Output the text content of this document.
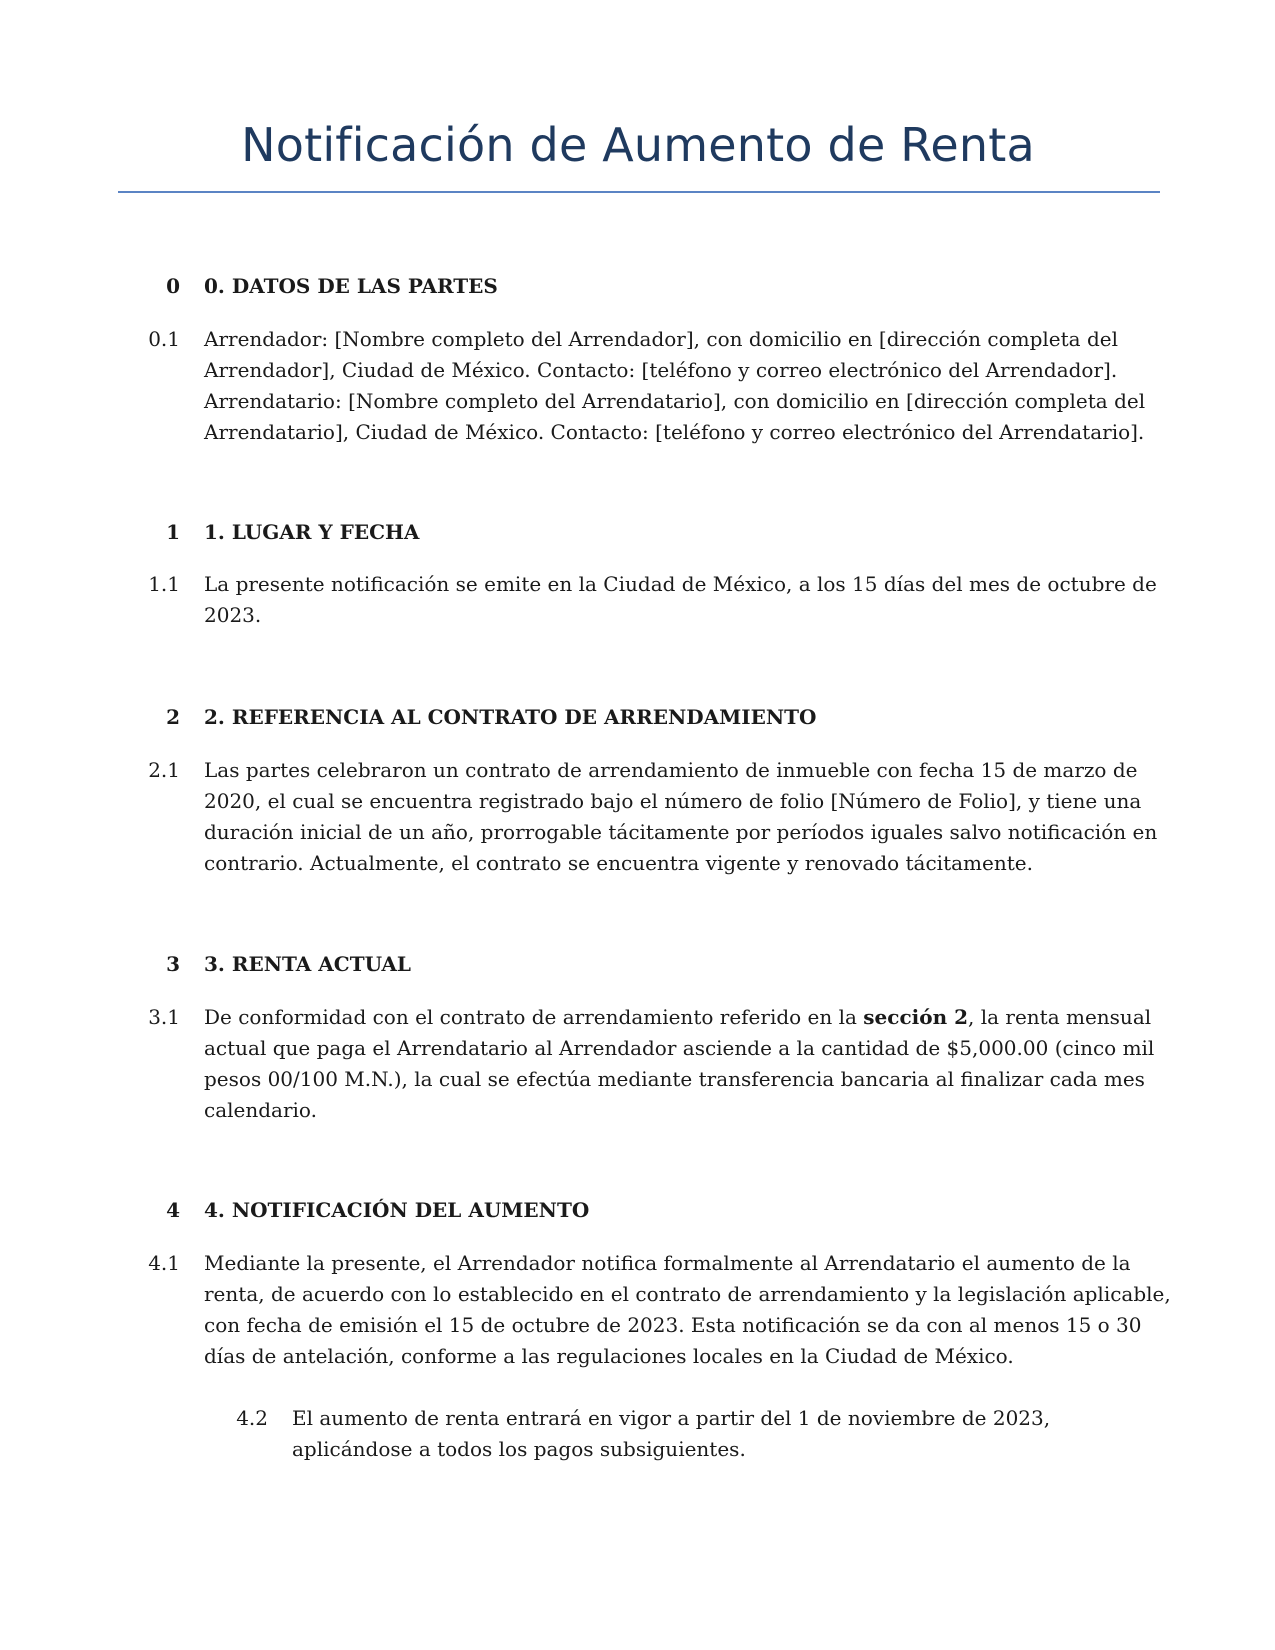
Notificación de Aumento de Renta
0 0. DATOS DE LAS PARTES
0.1 Arrendador: [Nombre completo del Arrendador], con domicilio en [dirección completa del
Arrendador], Ciudad de México. Contacto: [teléfono y correo electrónico del Arrendador].
Arrendatario: [Nombre completo del Arrendatario], con domicilio en [dirección completa del
Arrendatario], Ciudad de México. Contacto: [teléfono y correo electrónico del Arrendatario].
1 1. LUGAR Y FECHA
1.1 La presente notificación se emite en la Ciudad de México, a los 15 días del mes de octubre de
2023.
2 2. REFERENCIA AL CONTRATO DE ARRENDAMIENTO
2.1 Las partes celebraron un contrato de arrendamiento de inmueble con fecha 15 de marzo de
2020, el cual se encuentra registrado bajo el número de folio [Número de Folio], y tiene una
duración inicial de un año, prorrogable tácitamente por períodos iguales salvo notificación en
contrario. Actualmente, el contrato se encuentra vigente y renovado tácitamente.
3 3. RENTA ACTUAL
3.1 De conformidad con el contrato de arrendamiento referido en la sección 2, la renta mensual
actual que paga el Arrendatario al Arrendador asciende a la cantidad de $5,000.00 (cinco mil
pesos 00/100 M.N.), la cual se efectúa mediante transferencia bancaria al finalizar cada mes
calendario.
4 4. NOTIFICACIÓN DEL AUMENTO
4.1 Mediante la presente, el Arrendador notifica formalmente al Arrendatario el aumento de la
renta, de acuerdo con lo establecido en el contrato de arrendamiento y la legislación aplicable,
con fecha de emisión el 15 de octubre de 2023. Esta notificación se da con al menos 15 o 30
días de antelación, conforme a las regulaciones locales en la Ciudad de México.
4.2 El aumento de renta entrará en vigor a partir del 1 de noviembre de 2023,
aplicándose a todos los pagos subsiguientes.
